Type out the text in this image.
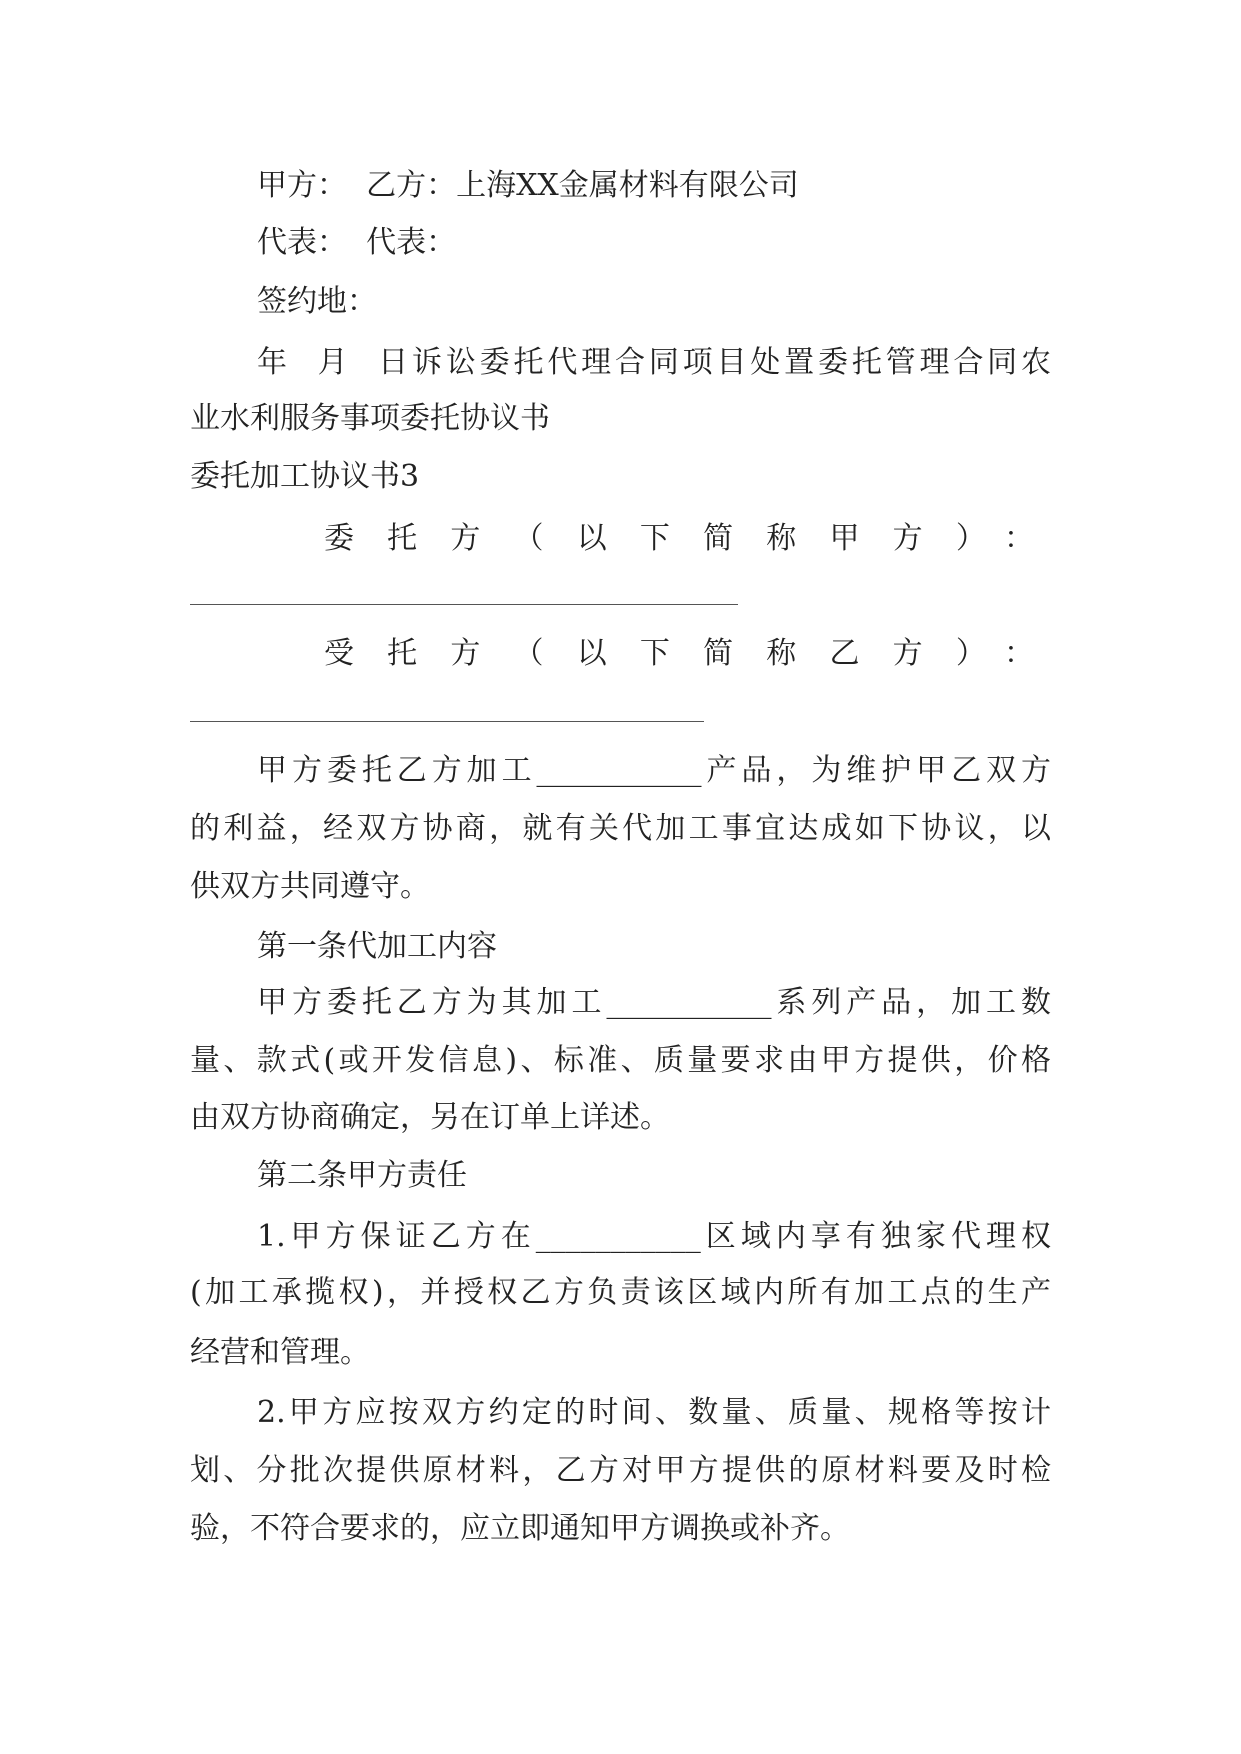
甲方：  乙方：上海XX金属材料有限公司
代表：  代表：
签约地：
年  月  日诉讼委托代理合同项目处置委托管理合同农
业水利服务事项委托协议书
委托加工协议书3
委托方（以下简称甲方）：
受托方（以下简称乙方）：
甲方委托乙方加工___________产品，为维护甲乙双方
的利益，经双方协商，就有关代加工事宜达成如下协议，以
供双方共同遵守。
第一条代加工内容
甲方委托乙方为其加工___________系列产品，加工数
量、款式(或开发信息)、标准、质量要求由甲方提供，价格
由双方协商确定，另在订单上详述。
第二条甲方责任
1.甲方保证乙方在___________区域内享有独家代理权
(加工承揽权)，并授权乙方负责该区域内所有加工点的生产
经营和管理。
2.甲方应按双方约定的时间、数量、质量、规格等按计
划、分批次提供原材料，乙方对甲方提供的原材料要及时检
验，不符合要求的，应立即通知甲方调换或补齐。
